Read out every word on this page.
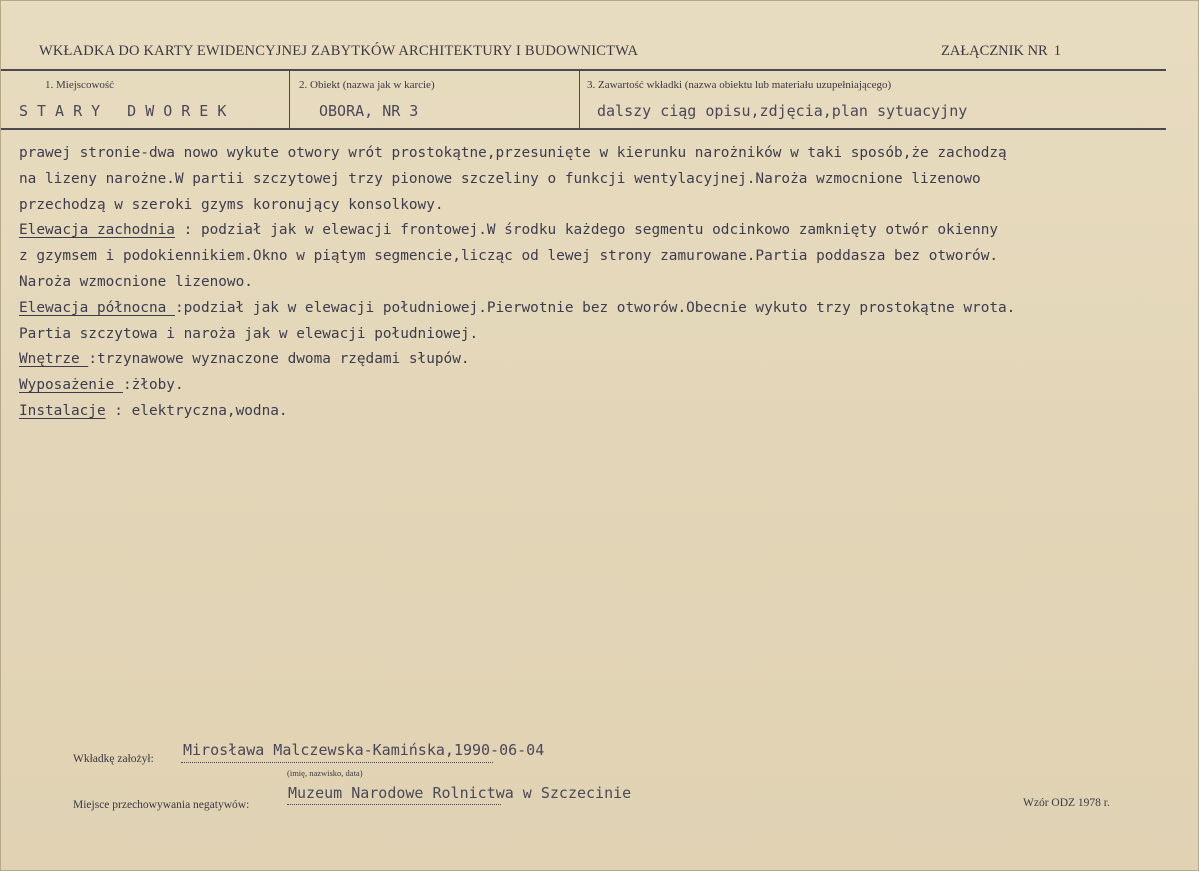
WKŁADKA DO KARTY EWIDENCYJNEJ ZABYTKÓW ARCHITEKTURY I BUDOWNICTWA	ZAŁĄCZNIK NR 1
1. Miejscowość	2. Obiekt (nazwa jak w karcie)	3. Zawartość wkładki (nazwa obiektu lub materiału uzupełniającego)
STARY DWOREK	OBORA, NR 3	dalszy ciąg opisu,zdjęcia,plan sytuacyjny
prawej stronie-dwa nowo wykute otwory wrót prostokątne,przesunięte w kierunku narożników w taki sposób,że zachodzą
na lizeny narożne.W partii szczytowej trzy pionowe szczeliny o funkcji wentylacyjnej.Naroża wzmocnione lizenowo
przechodzą w szeroki gzyms koronujący konsolkowy.
Elewacja zachodnia : podział jak w elewacji frontowej.W środku każdego segmentu odcinkowo zamknięty otwór okienny
z gzymsem i podokiennikiem.Okno w piątym segmencie,licząc od lewej strony zamurowane.Partia poddasza bez otworów.
Naroża wzmocnione lizenowo.
Elewacja północna :podział jak w elewacji południowej.Pierwotnie bez otworów.Obecnie wykuto trzy prostokątne wrota.
Partia szczytowa i naroża jak w elewacji południowej.
Wnętrze :trzynawowe wyznaczone dwoma rzędami słupów.
Wyposażenie :żłoby.
Instalacje : elektryczna,wodna.
Wkładkę założył: Mirosława Malczewska-Kamińska,1990-06-04
(imię, nazwisko, data)
Miejsce przechowywania negatywów:
Muzeum Narodowe Rolnictwa w Szczecinie
Wzór ODZ 1978 r.
